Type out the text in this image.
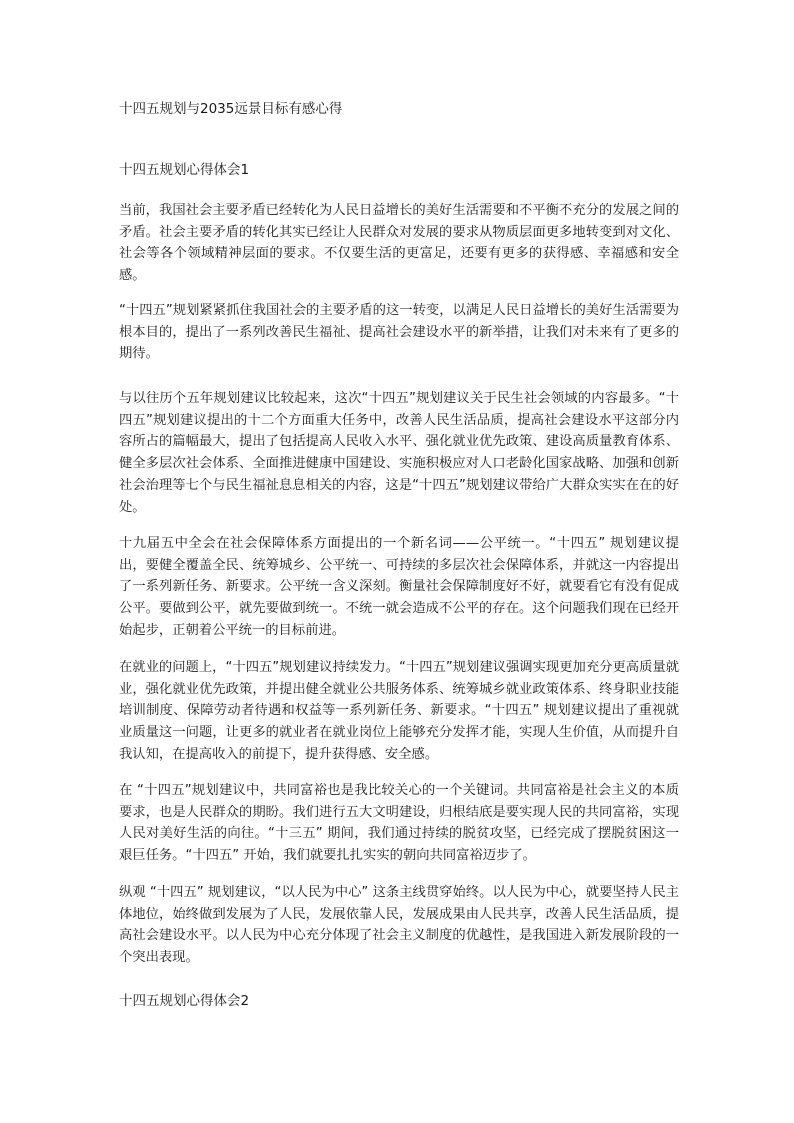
十四五规划与2035远景目标有感心得
十四五规划心得体会1

当前，我国社会主要矛盾已经转化为人民日益增长的美好生活需要和不平衡不充分的发展之间的矛盾。社会主要矛盾的转化其实已经让人民群众对发展的要求从物质层面更多地转变到对文化、社会等各个领域精神层面的要求。不仅要生活的更富足，还要有更多的获得感、幸福感和安全感。

“十四五”规划紧紧抓住我国社会的主要矛盾的这一转变，以满足人民日益增长的美好生活需要为根本目的，提出了一系列改善民生福祉、提高社会建设水平的新举措，让我们对未来有了更多的期待。

与以往历个五年规划建议比较起来，这次“十四五”规划建议关于民生社会领域的内容最多。“十四五”规划建议提出的十二个方面重大任务中，改善人民生活品质，提高社会建设水平这部分内容所占的篇幅最大，提出了包括提高人民收入水平、强化就业优先政策、建设高质量教育体系、健全多层次社会体系、全面推进健康中国建设、实施积极应对人口老龄化国家战略、加强和创新社会治理等七个与民生福祉息息相关的内容，这是“十四五”规划建议带给广大群众实实在在的好处。

十九届五中全会在社会保障体系方面提出的一个新名词——公平统一。“十四五” 规划建议提出，要健全覆盖全民、统筹城乡、公平统一、可持续的多层次社会保障体系，并就这一内容提出了一系列新任务、新要求。公平统一含义深刻。衡量社会保障制度好不好，就要看它有没有促成公平。要做到公平，就先要做到统一。不统一就会造成不公平的存在。这个问题我们现在已经开始起步，正朝着公平统一的目标前进。

在就业的问题上，“十四五”规划建议持续发力。“十四五”规划建议强调实现更加充分更高质量就业，强化就业优先政策，并提出健全就业公共服务体系、统筹城乡就业政策体系、终身职业技能培训制度、保障劳动者待遇和权益等一系列新任务、新要求。“十四五” 规划建议提出了重视就业质量这一问题，让更多的就业者在就业岗位上能够充分发挥才能，实现人生价值，从而提升自我认知，在提高收入的前提下，提升获得感、安全感。

在 “十四五”规划建议中，共同富裕也是我比较关心的一个关键词。共同富裕是社会主义的本质要求，也是人民群众的期盼。我们进行五大文明建设，归根结底是要实现人民的共同富裕，实现人民对美好生活的向往。“十三五” 期间，我们通过持续的脱贫攻坚，已经完成了摆脱贫困这一艰巨任务。“十四五” 开始，我们就要扎扎实实的朝向共同富裕迈步了。

纵观 “十四五” 规划建议，“以人民为中心” 这条主线贯穿始终。以人民为中心，就要坚持人民主体地位，始终做到发展为了人民，发展依靠人民，发展成果由人民共享，改善人民生活品质，提高社会建设水平。以人民为中心充分体现了社会主义制度的优越性，是我国进入新发展阶段的一个突出表现。

十四五规划心得体会2
